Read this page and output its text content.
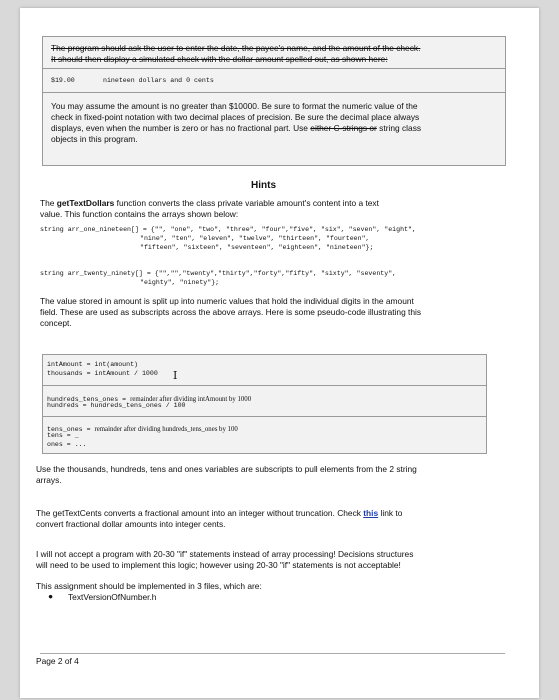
The program should ask the user to enter the date, the payee's name, and the amount of the check.
It should then display a simulated check with the dollar amount spelled out, as shown here:
$19.00	nineteen dollars and 0 cents
You may assume the amount is no greater than $10000. Be sure to format the numeric value of the
check in fixed-point notation with two decimal places of precision. Be sure the decimal place always
displays, even when the number is zero or has no fractional part. Use either C-strings or string class
objects in this program.
Hints
The getTextDollars function converts the class private variable amount's content into a text
value. This function contains the arrays shown below:
string arr_one_nineteen[] = {"", "one", "two", "three", "four","five", "six", "seven", "eight",
"nine", "ten", "eleven", "twelve", "thirteen", "fourteen",
"fifteen", "sixteen", "seventeen", "eighteen", "nineteen"};
string arr_twenty_ninety[] = {"","","twenty","thirty","forty","fifty", "sixty", "seventy",
"eighty", "ninety"};
The value stored in amount is split up into numeric values that hold the individual digits in the amount
field. These are used as subscripts across the above arrays. Here is some pseudo-code illustrating this
concept.
intAmount = int(amount)
thousands = intAmount / 1000 I
hundreds_tens_ones = remainder after dividing intAmount by 1000
hundreds = hundreds_tens_ones / 100
tens_ones = remainder after dividing hundreds_tens_ones by 100
tens = _
ones = ...
Use the thousands, hundreds, tens and ones variables are subscripts to pull elements from the 2 string
arrays.
The getTextCents converts a fractional amount into an integer without truncation. Check this link to
convert fractional dollar amounts into integer cents.
I will not accept a program with 20-30 "if" statements instead of array processing! Decisions structures
will need to be used to implement this logic; however using 20-30 "if" statements is not acceptable!
This assignment should be implemented in 3 files, which are:
● TextVersionOfNumber.h
Page 2 of 4
